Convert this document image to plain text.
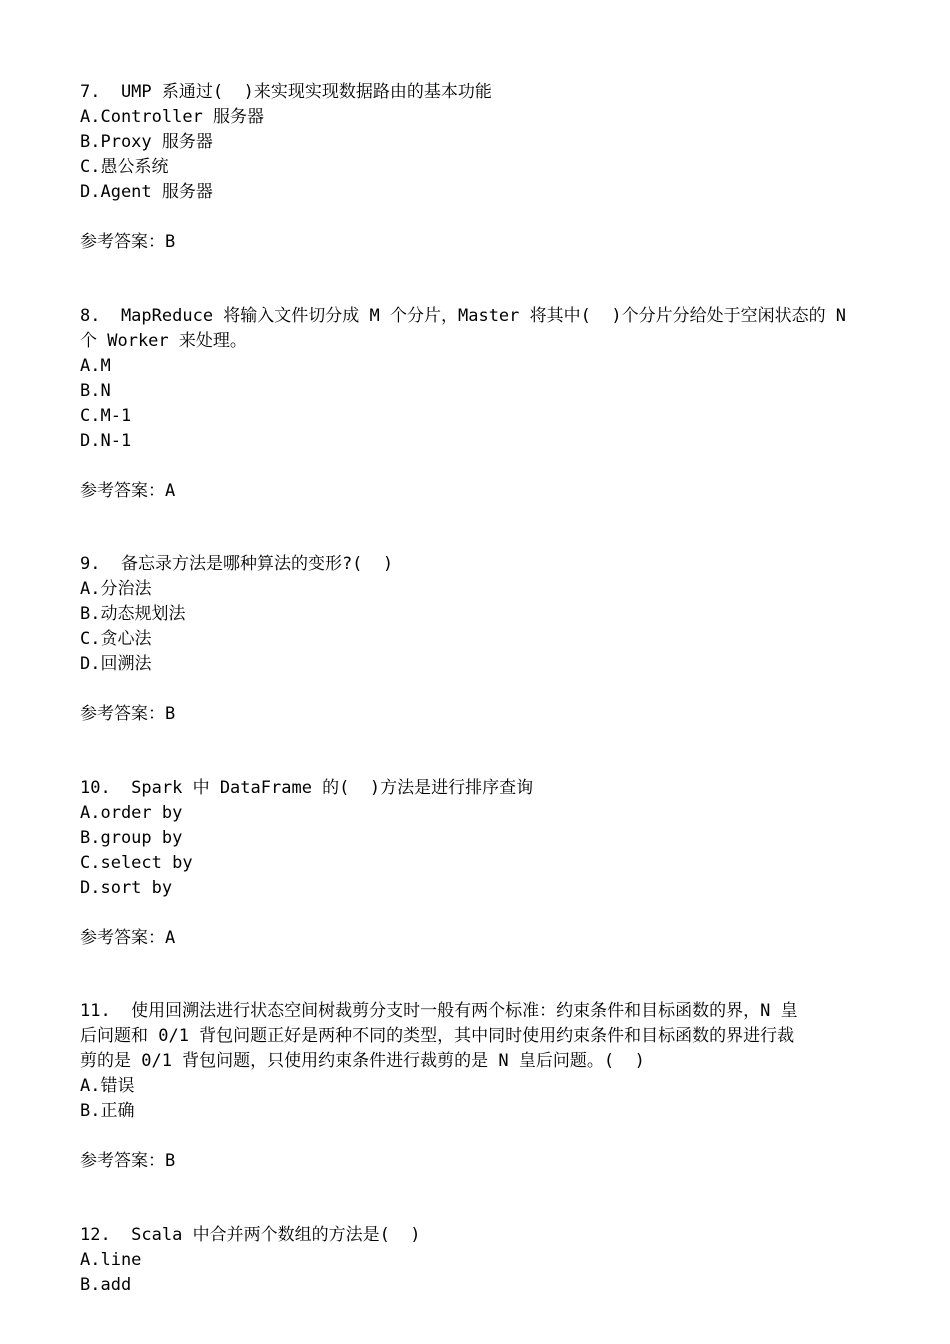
7.  UMP 系通过(  )来实现实现数据路由的基本功能
A.Controller 服务器
B.Proxy 服务器
C.愚公系统
D.Agent 服务器
参考答案：B
8.  MapReduce 将输入文件切分成 M 个分片，Master 将其中(  )个分片分给处于空闲状态的 N
个 Worker 来处理。
A.M
B.N
C.M-1
D.N-1
参考答案：A
9.  备忘录方法是哪种算法的变形?(  )
A.分治法
B.动态规划法
C.贪心法
D.回溯法
参考答案：B
10.  Spark 中 DataFrame 的(  )方法是进行排序查询
A.order by
B.group by
C.select by
D.sort by
参考答案：A
11.  使用回溯法进行状态空间树裁剪分支时一般有两个标准：约束条件和目标函数的界，N 皇
后问题和 0/1 背包问题正好是两种不同的类型，其中同时使用约束条件和目标函数的界进行裁
剪的是 0/1 背包问题，只使用约束条件进行裁剪的是 N 皇后问题。(  )
A.错误
B.正确
参考答案：B
12.  Scala 中合并两个数组的方法是(  )
A.line
B.add
